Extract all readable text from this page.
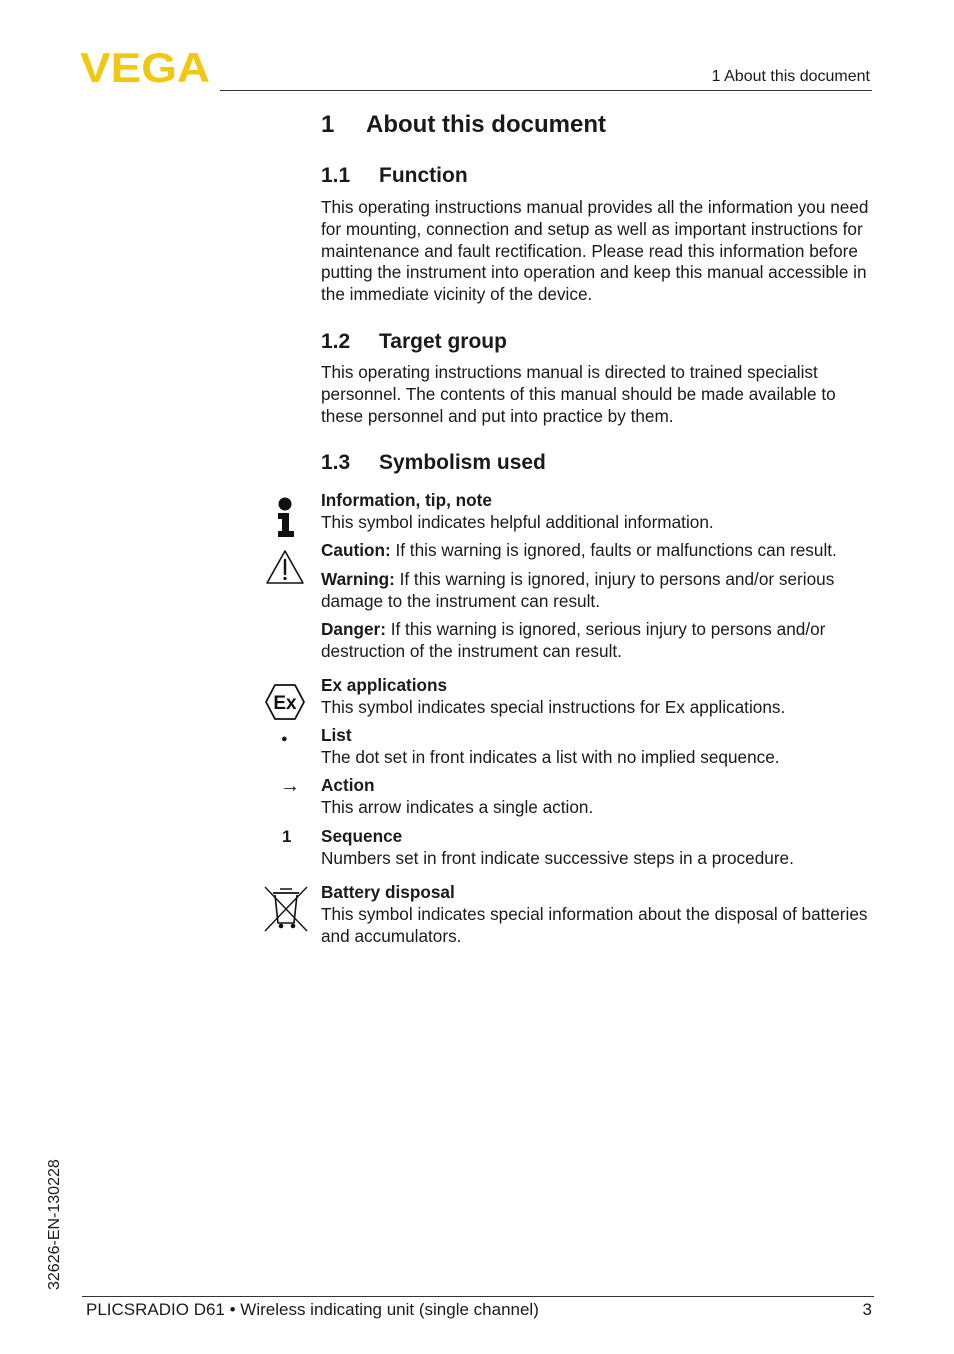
VEGA	1 About this document
1 About this document
1.1 Function

This operating instructions manual provides all the information you need for mounting, connection and setup as well as important instructions for maintenance and fault rectification. Please read this information before putting the instrument into operation and keep this manual accessible in the immediate vicinity of the device.

1.2 Target group

This operating instructions manual is directed to trained specialist personnel. The contents of this manual should be made available to these personnel and put into practice by them.

1.3 Symbolism used
Information, tip, note
This symbol indicates helpful additional information.

Caution: If this warning is ignored, faults or malfunctions can result.

Warning: If this warning is ignored, injury to persons and/or serious damage to the instrument can result.

Danger: If this warning is ignored, serious injury to persons and/or destruction of the instrument can result.

Ex
Ex applications
This symbol indicates special instructions for Ex applications.
● List
The dot set in front indicates a list with no implied sequence.
→ Action
This arrow indicates a single action.
1 Sequence
Numbers set in front indicate successive steps in a procedure.
Battery disposal
This symbol indicates special information about the disposal of batteries and accumulators.
32626-EN-130228
PLICSRADIO D61 • Wireless indicating unit (single channel)	3
